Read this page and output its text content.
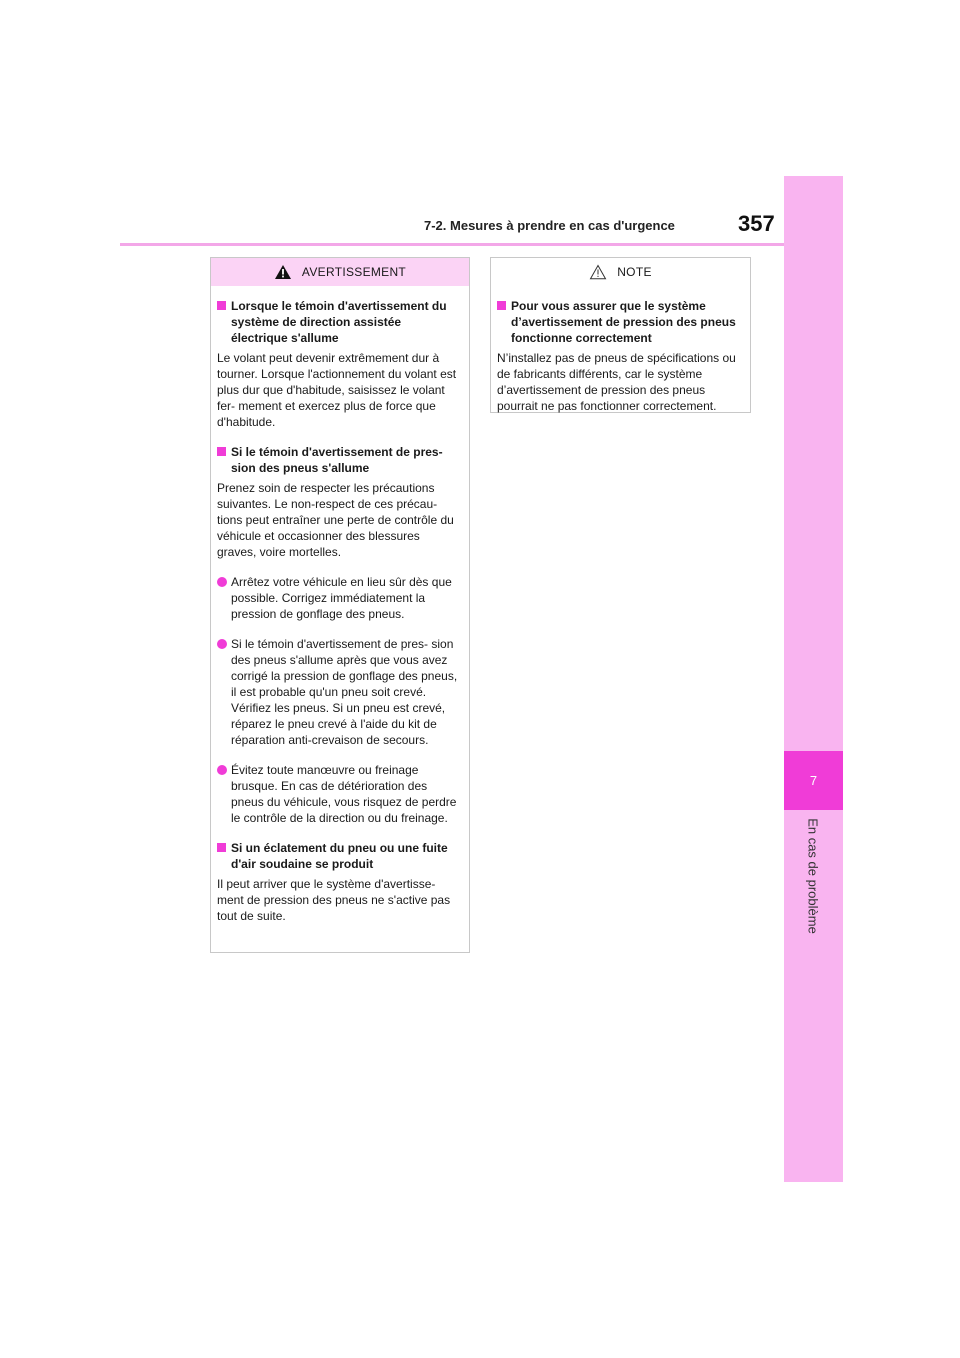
7-2. Mesures à prendre en cas d'urgence	357
7
En cas de problème
AVERTISSEMENT
Lorsque le témoin d'avertissement du système de direction assistée électrique s'allume
Le volant peut devenir extrêmement dur à tourner. Lorsque l'actionnement du volant est plus dur que d'habitude, saisissez le volant fer- mement et exercez plus de force que d'habitude.
Si le témoin d'avertissement de pres- sion des pneus s'allume
Prenez soin de respecter les précautions suivantes. Le non-respect de ces précau- tions peut entraîner une perte de contrôle du véhicule et occasionner des blessures graves, voire mortelles.
Arrêtez votre véhicule en lieu sûr dès que possible. Corrigez immédiatement la pression de gonflage des pneus.
Si le témoin d'avertissement de pres- sion des pneus s'allume après que vous avez corrigé la pression de gonflage des pneus, il est probable qu'un pneu soit crevé. Vérifiez les pneus. Si un pneu est crevé, réparez le pneu crevé à l'aide du kit de réparation anti-crevaison de secours.
Évitez toute manœuvre ou freinage brusque. En cas de détérioration des pneus du véhicule, vous risquez de perdre le contrôle de la direction ou du freinage.
Si un éclatement du pneu ou une fuite d'air soudaine se produit
Il peut arriver que le système d'avertisse- ment de pression des pneus ne s'active pas tout de suite.
NOTE
Pour vous assurer que le système d’avertissement de pression des pneus fonctionne correctement
N’installez pas de pneus de spécifications ou de fabricants différents, car le système d’avertissement de pression des pneus pourrait ne pas fonctionner correctement.
